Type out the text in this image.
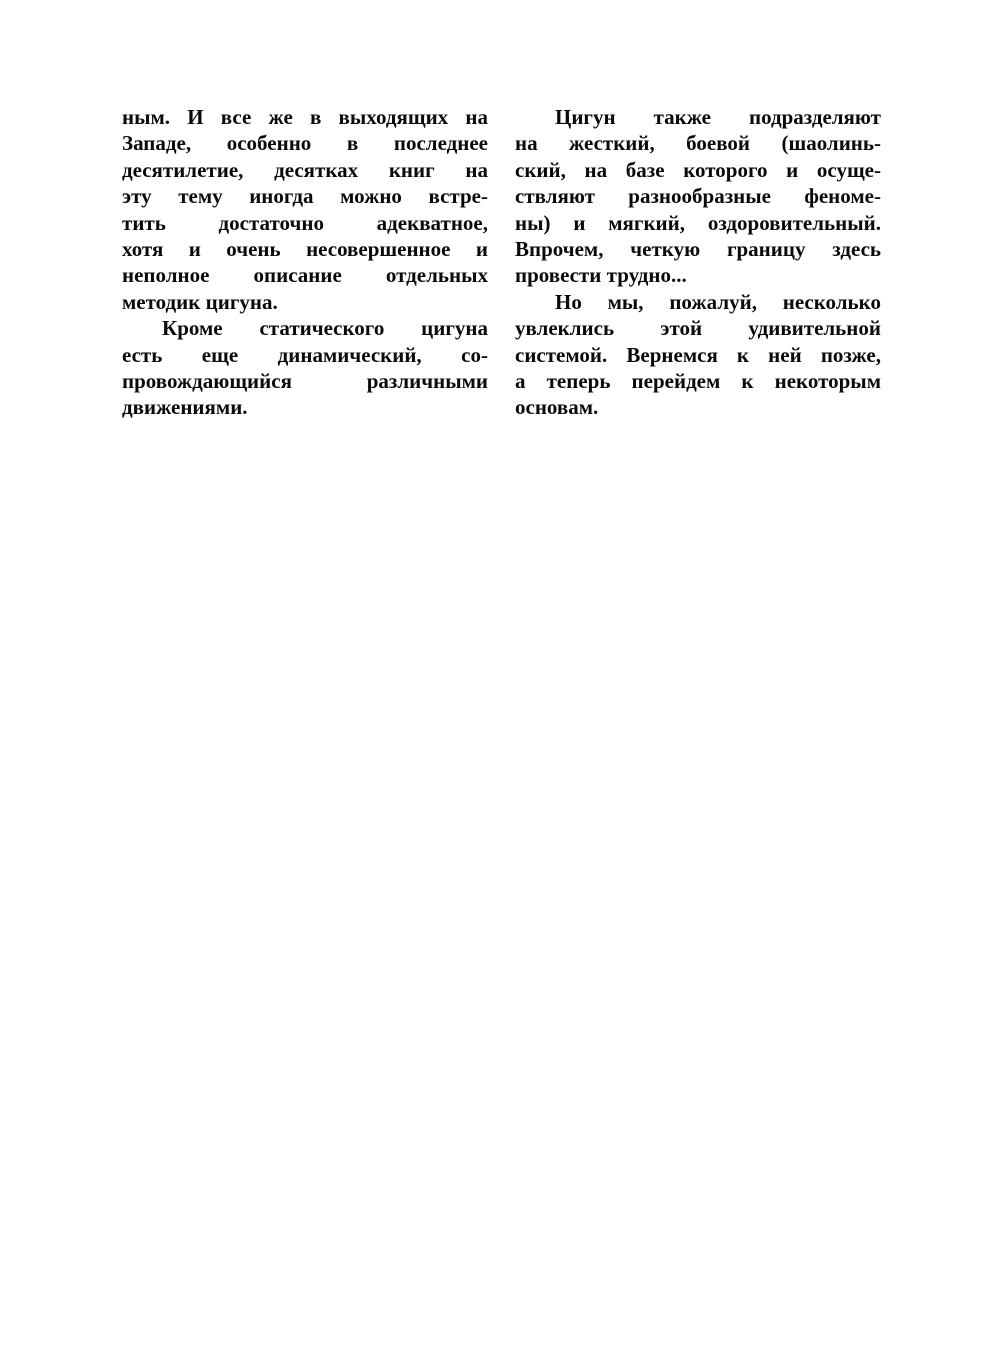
ным. И все же в выходящих на
Западе, особенно в последнее
десятилетие, десятках книг на
эту тему иногда можно встре-
тить достаточно адекватное,
хотя и очень несовершенное и
неполное описание отдельных
методик цигуна.
Кроме статического цигуна
есть еще динамический, со-
провождающийся различными
движениями.
Цигун также подразделяют
на жесткий, боевой (шаолинь-
ский, на базе которого и осуще-
ствляют разнообразные феноме-
ны) и мягкий, оздоровительный.
Впрочем, четкую границу здесь
провести трудно...
Но мы, пожалуй, несколько
увлеклись этой удивительной
системой. Вернемся к ней позже,
а теперь перейдем к некоторым
основам.
